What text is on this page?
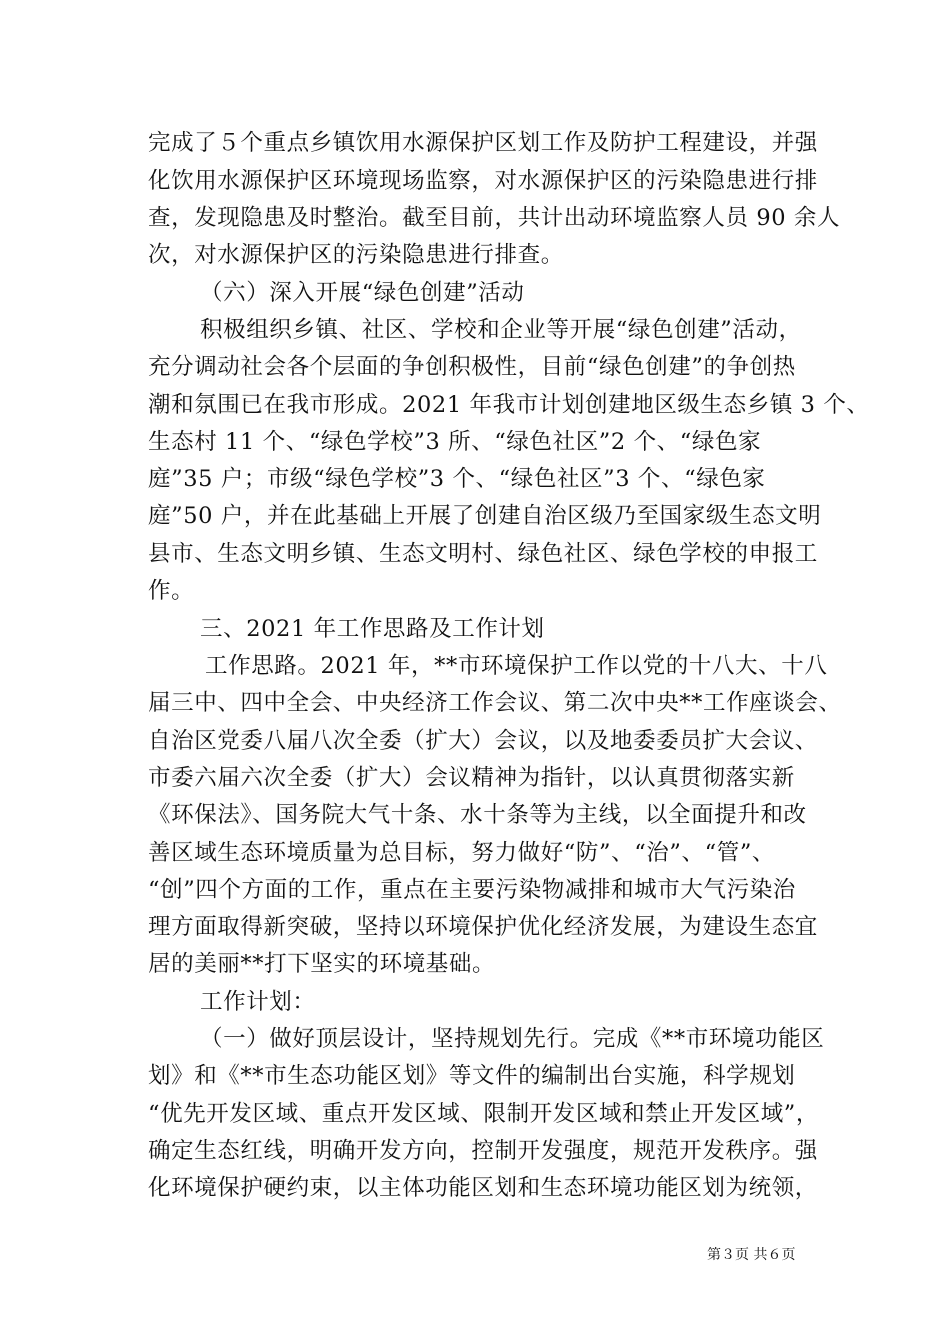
完成了５个重点乡镇饮用水源保护区划工作及防护工程建设，并强
化饮用水源保护区环境现场监察，对水源保护区的污染隐患进行排
查，发现隐患及时整治。截至目前，共计出动环境监察人员 90 余人
次，对水源保护区的污染隐患进行排查。
（六）深入开展“绿色创建”活动
积极组织乡镇、社区、学校和企业等开展“绿色创建”活动，
充分调动社会各个层面的争创积极性，目前“绿色创建”的争创热
潮和氛围已在我市形成。2021 年我市计划创建地区级生态乡镇 3 个、
生态村 11 个、“绿色学校”3 所、“绿色社区”2 个、“绿色家
庭”35 户；市级“绿色学校”3 个、“绿色社区”3 个、“绿色家
庭”50 户，并在此基础上开展了创建自治区级乃至国家级生态文明
县市、生态文明乡镇、生态文明村、绿色社区、绿色学校的申报工
作。
三、2021 年工作思路及工作计划
工作思路。2021 年，**市环境保护工作以党的十八大、十八
届三中、四中全会、中央经济工作会议、第二次中央**工作座谈会、
自治区党委八届八次全委（扩大）会议，以及地委委员扩大会议、
市委六届六次全委（扩大）会议精神为指针，以认真贯彻落实新
《环保法》、国务院大气十条、水十条等为主线，以全面提升和改
善区域生态环境质量为总目标，努力做好“防”、“治”、“管”、
“创”四个方面的工作，重点在主要污染物减排和城市大气污染治
理方面取得新突破，坚持以环境保护优化经济发展，为建设生态宜
居的美丽**打下坚实的环境基础。
工作计划：
（一）做好顶层设计，坚持规划先行。完成《**市环境功能区
划》和《**市生态功能区划》等文件的编制出台实施，科学规划
“优先开发区域、重点开发区域、限制开发区域和禁止开发区域”，
确定生态红线，明确开发方向，控制开发强度，规范开发秩序。强
化环境保护硬约束，以主体功能区划和生态环境功能区划为统领，
第３页 共６页
